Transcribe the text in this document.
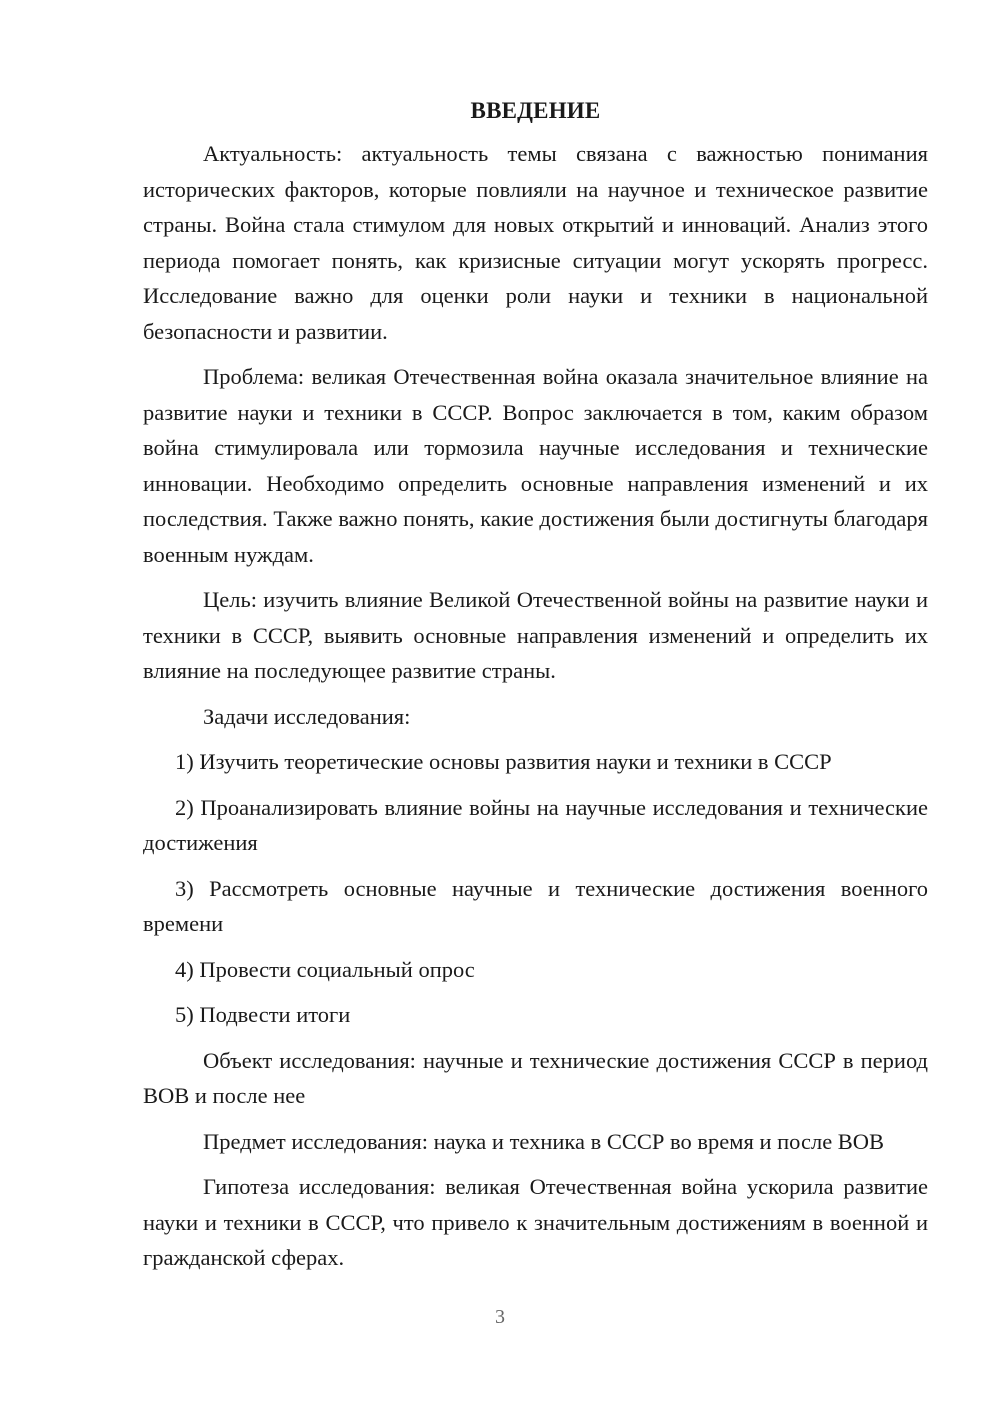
ВВЕДЕНИЕ

Актуальность: актуальность темы связана с важностью понимания исторических факторов, которые повлияли на научное и техническое развитие страны. Война стала стимулом для новых открытий и инноваций. Анализ этого периода помогает понять, как кризисные ситуации могут ускорять прогресс. Исследование важно для оценки роли науки и техники в национальной безопасности и развитии.

Проблема: великая Отечественная война оказала значительное влияние на развитие науки и техники в СССР. Вопрос заключается в том, каким образом война стимулировала или тормозила научные исследования и технические инновации. Необходимо определить основные направления изменений и их последствия. Также важно понять, какие достижения были достигнуты благодаря военным нуждам.

Цель: изучить влияние Великой Отечественной войны на развитие науки и техники в СССР, выявить основные направления изменений и определить их влияние на последующее развитие страны.

Задачи исследования:

1) Изучить теоретические основы развития науки и техники в СССР

2) Проанализировать влияние войны на научные исследования и технические достижения

3) Рассмотреть основные научные и технические достижения военного времени

4) Провести социальный опрос

5) Подвести итоги

Объект исследования: научные и технические достижения СССР в период ВОВ и после нее

Предмет исследования: наука и техника в СССР во время и после ВОВ

Гипотеза исследования: великая Отечественная война ускорила развитие науки и техники в СССР, что привело к значительным достижениям в военной и гражданской сферах.

3
